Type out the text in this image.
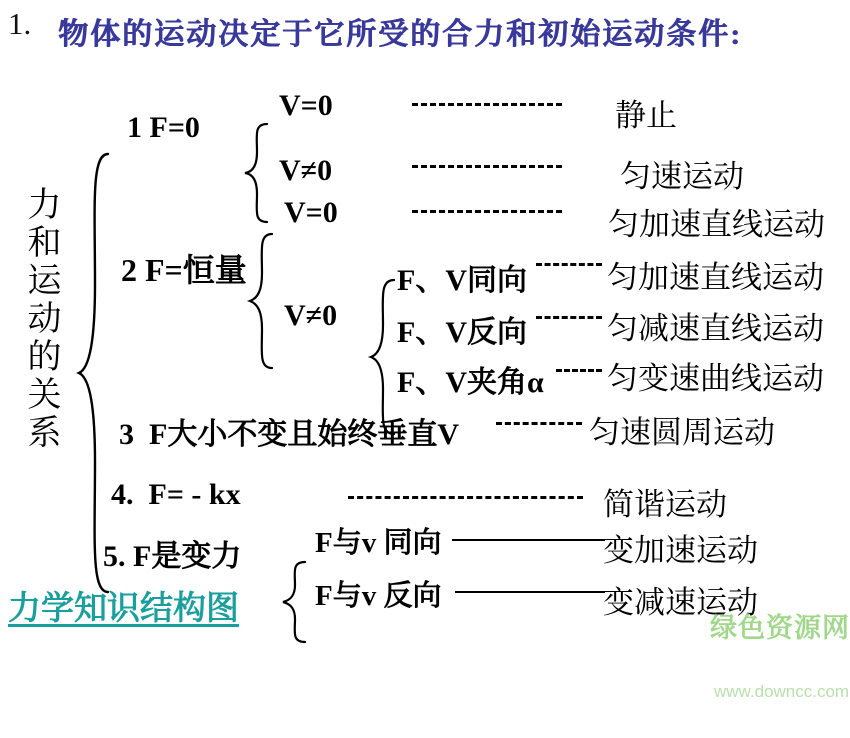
1. 物体的运动决定于它所受的合力和初始运动条件:
力和运动的关系

1 F=0

V=0	静止
V≠0	匀速运动
2 F=恒量

V=0	匀加速直线运动
V≠0

F、V同向	匀加速直线运动
F、V反向	匀减速直线运动
F、V夹角α 匀变速曲线运动
3  F大小不变且始终垂直V	匀速圆周运动
4.  F= - kx	简谐运动
5. F是变力

	F与v 同向	变加速运动
F与v 反向	变减速运动
力学知识结构图

绿色资源网

www.downcc.com
